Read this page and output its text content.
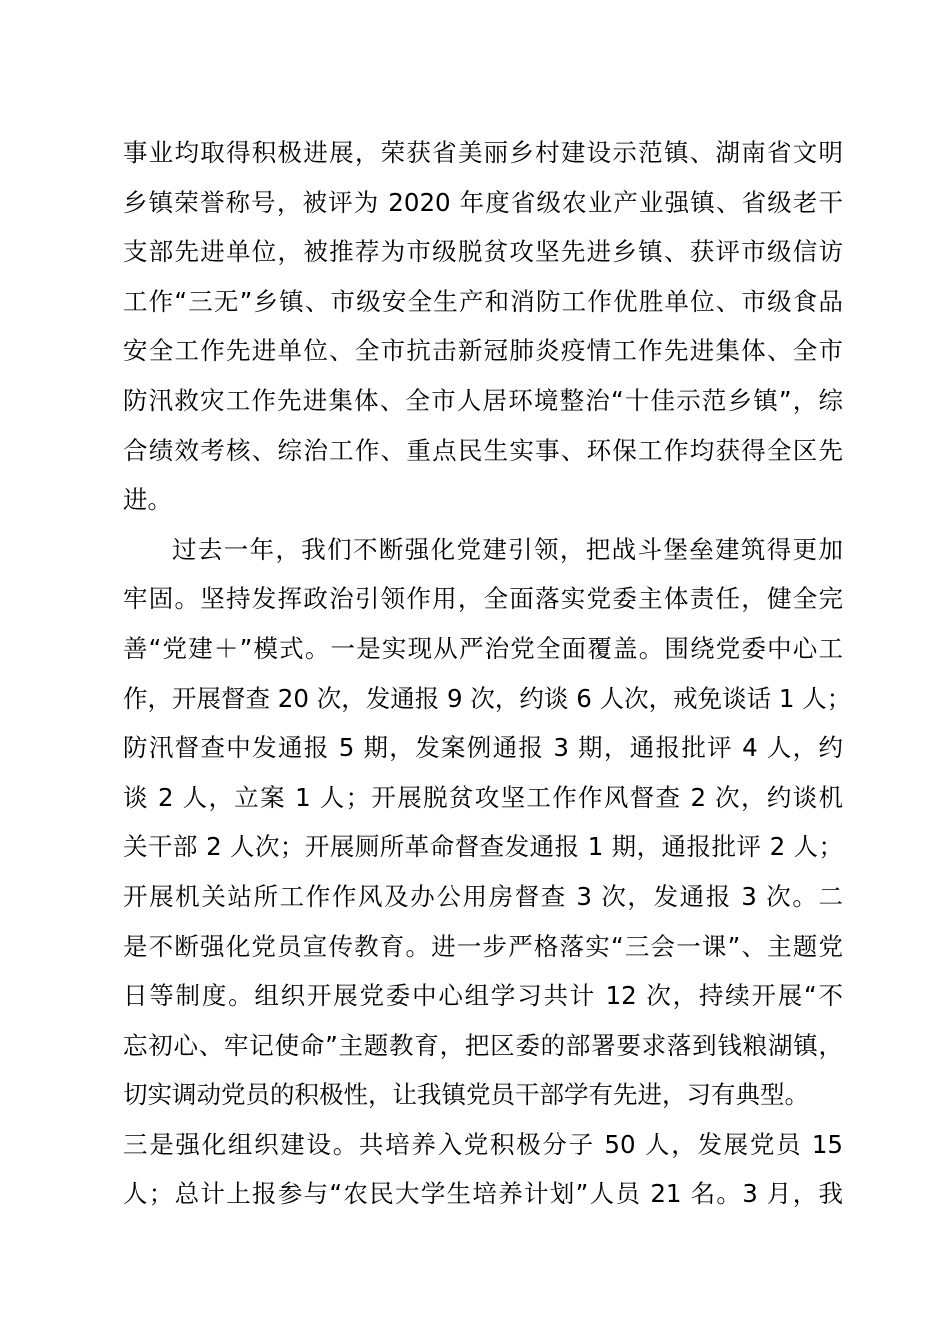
事业均取得积极进展，荣获省美丽乡村建设示范镇、湖南省文明
乡镇荣誉称号，被评为 2020 年度省级农业产业强镇、省级老干
支部先进单位，被推荐为市级脱贫攻坚先进乡镇、获评市级信访
工作“三无”乡镇、市级安全生产和消防工作优胜单位、市级食品
安全工作先进单位、全市抗击新冠肺炎疫情工作先进集体、全市
防汛救灾工作先进集体、全市人居环境整治“十佳示范乡镇”，综
合绩效考核、综治工作、重点民生实事、环保工作均获得全区先
进。
过去一年，我们不断强化党建引领，把战斗堡垒建筑得更加
牢固。坚持发挥政治引领作用，全面落实党委主体责任，健全完
善“党建＋”模式。一是实现从严治党全面覆盖。围绕党委中心工
作，开展督查 20 次，发通报 9 次，约谈 6 人次，戒免谈话 1 人；
防汛督查中发通报 5 期，发案例通报 3 期，通报批评 4 人，约
谈 2 人，立案 1 人；开展脱贫攻坚工作作风督查 2 次，约谈机
关干部 2 人次；开展厕所革命督查发通报 1 期，通报批评 2 人；
开展机关站所工作作风及办公用房督查 3 次，发通报 3 次。二
是不断强化党员宣传教育。进一步严格落实“三会一课”、主题党
日等制度。组织开展党委中心组学习共计 12 次，持续开展“不
忘初心、牢记使命”主题教育，把区委的部署要求落到钱粮湖镇，
切实调动党员的积极性，让我镇党员干部学有先进，习有典型。
三是强化组织建设。共培养入党积极分子 50 人，发展党员 15
人；总计上报参与“农民大学生培养计划”人员 21 名。3 月，我
